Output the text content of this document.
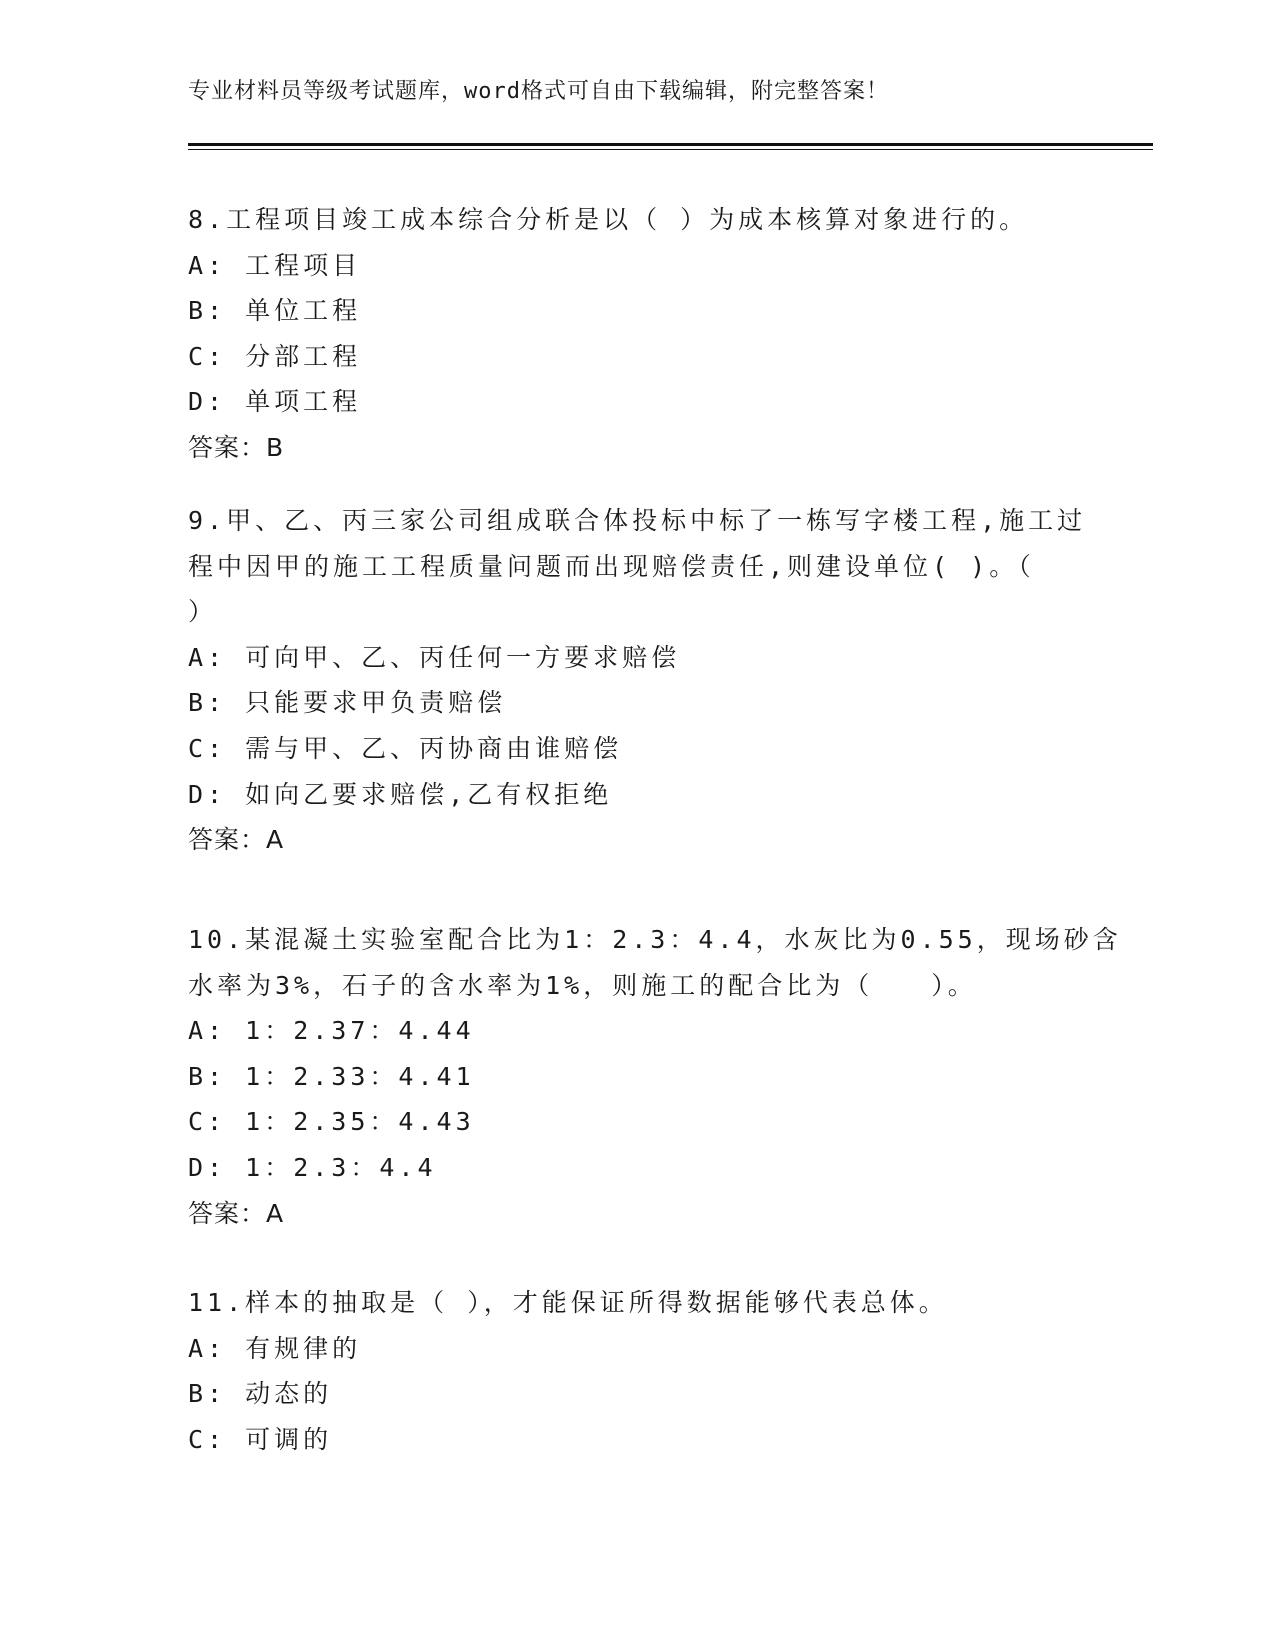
专业材料员等级考试题库，word格式可自由下载编辑，附完整答案！
8.工程项目竣工成本综合分析是以（ ）为成本核算对象进行的。
A: 工程项目
B: 单位工程
C: 分部工程
D: 单项工程
答案：B
9.甲、乙、丙三家公司组成联合体投标中标了一栋写字楼工程,施工过
程中因甲的施工工程质量问题而出现赔偿责任,则建设单位( )。（
）
A: 可向甲、乙、丙任何一方要求赔偿
B: 只能要求甲负责赔偿
C: 需与甲、乙、丙协商由谁赔偿
D: 如向乙要求赔偿,乙有权拒绝
答案：A
10.某混凝土实验室配合比为1：2.3：4.4，水灰比为0.55，现场砂含
水率为3%，石子的含水率为1%，则施工的配合比为（　　）。
A: 1：2.37：4.44
B: 1：2.33：4.41
C: 1：2.35：4.43
D: 1：2.3：4.4
答案：A
11.样本的抽取是（ ），才能保证所得数据能够代表总体。
A: 有规律的
B: 动态的
C: 可调的
